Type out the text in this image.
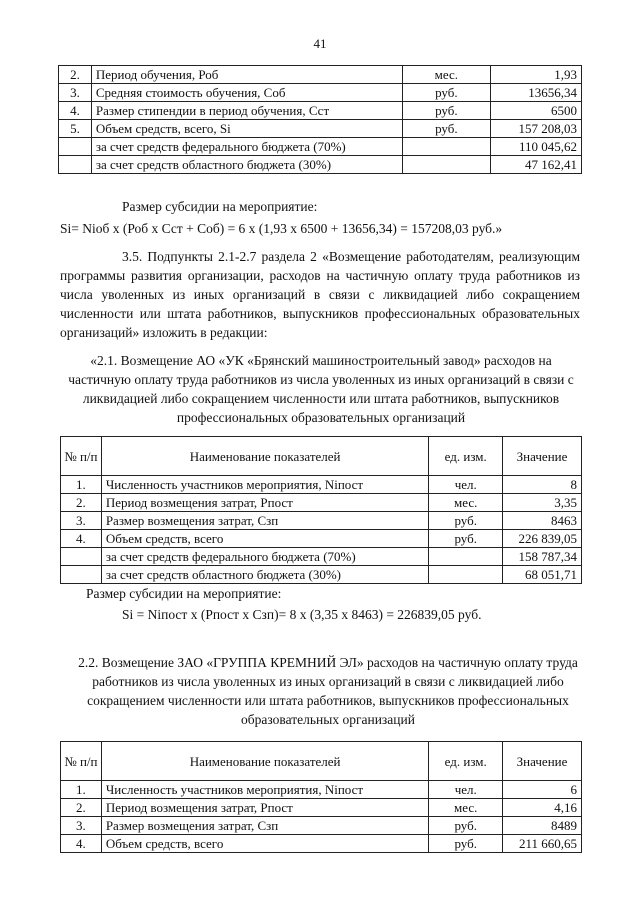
41
2.	Период обучения, Роб	мес.	1,93
3.	Средняя стоимость обучения, Соб	руб.	13656,34
4.	Размер стипендии в период обучения, Сст	руб.	6500
5.	Объем средств, всего, Si	руб.	157 208,03
	за счет средств федерального бюджета (70%)		110 045,62
	за счет средств областного бюджета (30%)		47 162,41
Размер субсидии на мероприятие:
Si= Niоб х (Роб х Сст + Соб) = 6 х (1,93 х 6500 + 13656,34) = 157208,03 руб.»
3.5. Подпункты 2.1-2.7 раздела 2 «Возмещение работодателям, реализующим программы развития организации, расходов на частичную оплату труда работников из числа уволенных из иных организаций в связи с ликвидацией либо сокращением численности или штата работников, выпускников профессиональных образовательных организаций» изложить в редакции:
«2.1. Возмещение АО «УК «Брянский машиностроительный завод» расходов на частичную оплату труда работников из числа уволенных из иных организаций в связи с ликвидацией либо сокращением численности или штата работников, выпускников профессиональных образовательных организаций
№ п/п	Наименование показателей	ед. изм.	Значение
1.	Численность участников мероприятия, Niпост	чел.	8
2.	Период возмещения затрат, Рпост	мес.	3,35
3.	Размер возмещения затрат, Сзп	руб.	8463
4.	Объем средств, всего	руб.	226 839,05
	за счет средств федерального бюджета (70%)		158 787,34
	за счет средств областного бюджета (30%)		68 051,71
Размер субсидии на мероприятие:
Si = Niпост х (Рпост х Сзп)= 8 х (3,35 х 8463) = 226839,05 руб.
2.2. Возмещение ЗАО «ГРУППА КРЕМНИЙ ЭЛ» расходов на частичную оплату труда работников из числа уволенных из иных организаций в связи с ликвидацией либо сокращением численности или штата работников, выпускников профессиональных образовательных организаций
№ п/п	Наименование показателей	ед. изм.	Значение
1.	Численность участников мероприятия, Niпост	чел.	6
2.	Период возмещения затрат, Рпост	мес.	4,16
3.	Размер возмещения затрат, Сзп	руб.	8489
4.	Объем средств, всего	руб.	211 660,65
